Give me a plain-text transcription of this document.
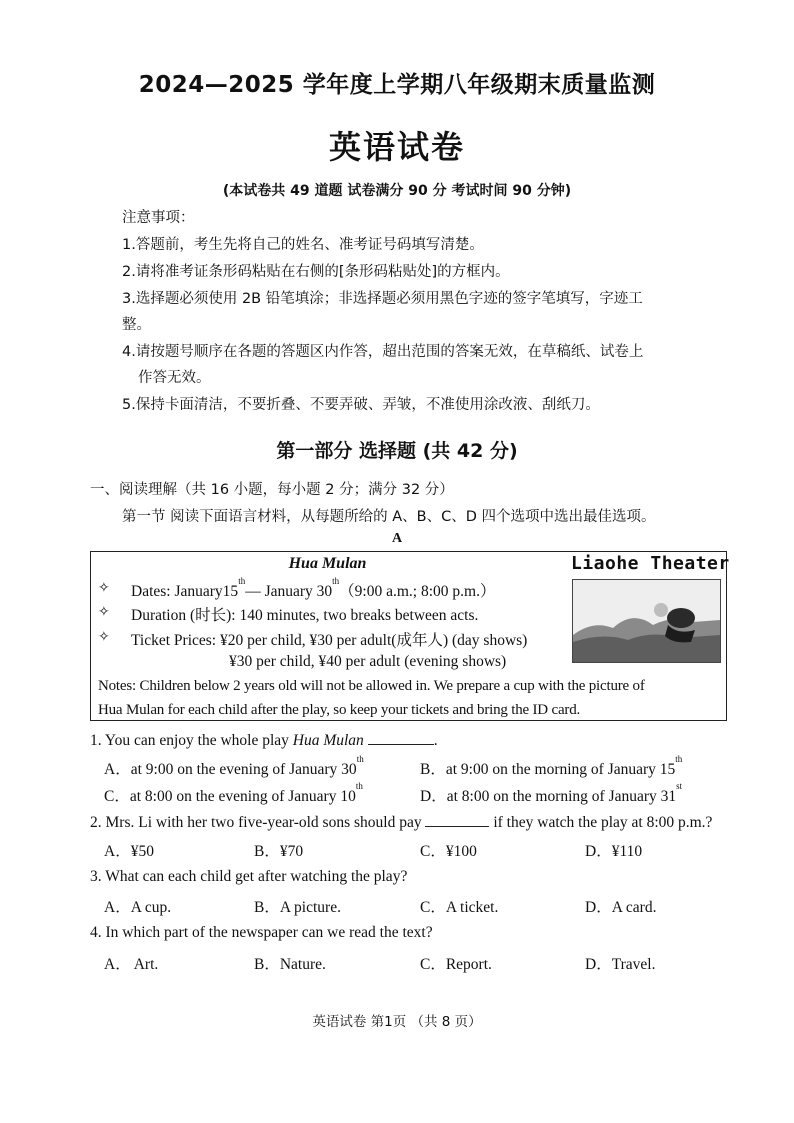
2024—2025 学年度上学期八年级期末质量监测
英语试卷
(本试卷共 49 道题 试卷满分 90 分 考试时间 90 分钟)
注意事项：
1.答题前，考生先将自己的姓名、准考证号码填写清楚。
2.请将准考证条形码粘贴在右侧的[条形码粘贴处]的方框内。
3.选择题必须使用 2B 铅笔填涂；非选择题必须用黑色字迹的签字笔填写，字迹工
整。
4.请按题号顺序在各题的答题区内作答，超出范围的答案无效，在草稿纸、试卷上
作答无效。
5.保持卡面清洁，不要折叠、不要弄破、弄皱，不准使用涂改液、刮纸刀。
第一部分 选择题 (共 42 分)
一、阅读理解（共 16 小题，每小题 2 分；满分 32 分）
第一节 阅读下面语言材料，从每题所给的 A、B、C、D 四个选项中选出最佳选项。
A
Hua Mulan	Liaohe Theater
✧ Dates: January15th— January 30th（9:00 a.m.; 8:00 p.m.）
✧ Duration (时长): 140 minutes, two breaks between acts.
✧ Ticket Prices: ¥20 per child, ¥30 per adult(成年人) (day shows)
¥30 per child, ¥40 per adult (evening shows)
Notes: Children below 2 years old will not be allowed in. We prepare a cup with the picture of
Hua Mulan for each child after the play, so keep your tickets and bring the ID card.
1. You can enjoy the whole play Hua Mulan	.
A．at 9:00 on the evening of January 30th
B．at 9:00 on the morning of January 15th
C．at 8:00 on the evening of January 10th
D．at 8:00 on the morning of January 31st
2. Mrs. Li with her two five-year-old sons should pay	if they watch the play at 8:00 p.m.?
A．¥50	B．¥70	C．¥100	D．¥110
3. What can each child get after watching the play?
A．A cup.	B．A picture.	C．A ticket.	D．A card.
4. In which part of the newspaper can we read the text?
A． Art.	B．Nature.	C．Report.	D．Travel.
英语试卷 第1页 （共 8 页）
